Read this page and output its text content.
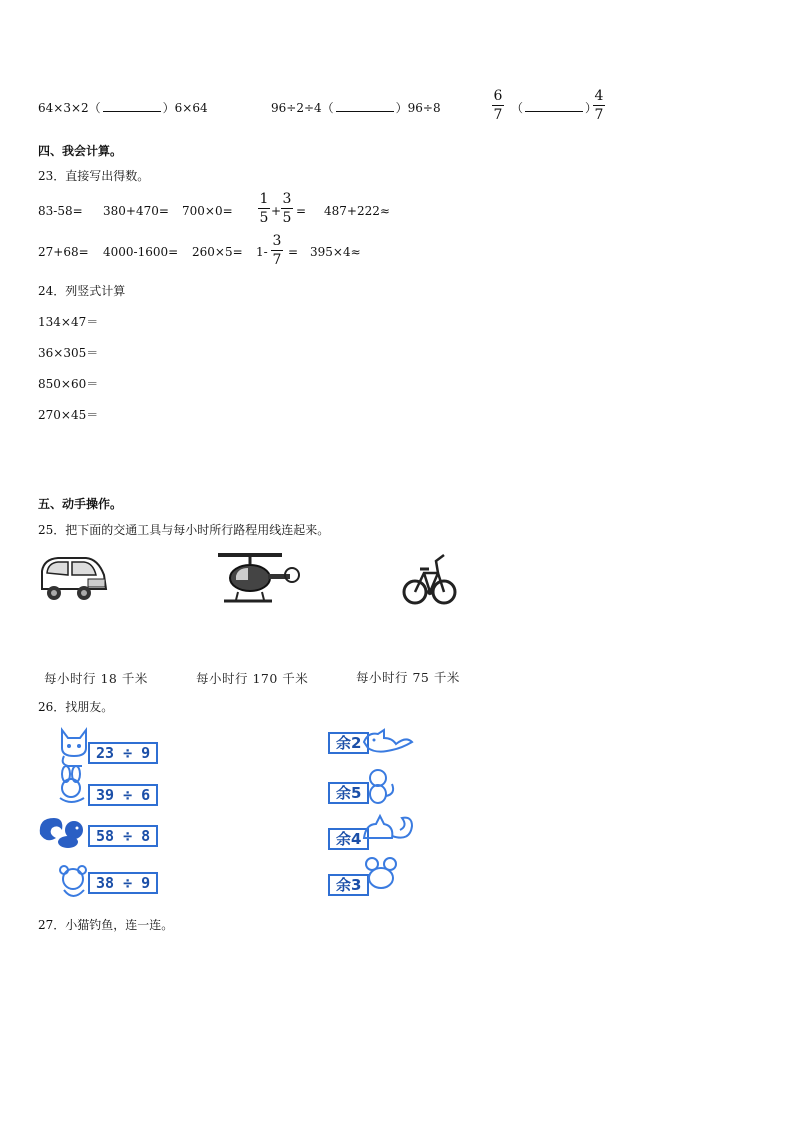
64×3×2（	）6×64	96÷2÷4（	）96÷8
6
7 （	）
4
7
四、我会计算。
23．直接写出得数。
83-58= 380+470= 700×0=
1
5 +
3
5 = 487+222≈
27+68= 4000-1600= 260×5= 1-
3
7 = 395×4≈
24．列竖式计算
134×47＝
36×305＝
850×60＝
270×45＝
五、动手操作。
25．把下面的交通工具与每小时所行路程用线连起来。
每小时行 18 千米	每小时行 170 千米	每小时行 75 千米
26．找朋友。
23 ÷ 9
39 ÷ 6
58 ÷ 8
38 ÷ 9
余2
余5
余4
余3
27．小猫钓鱼，连一连。
